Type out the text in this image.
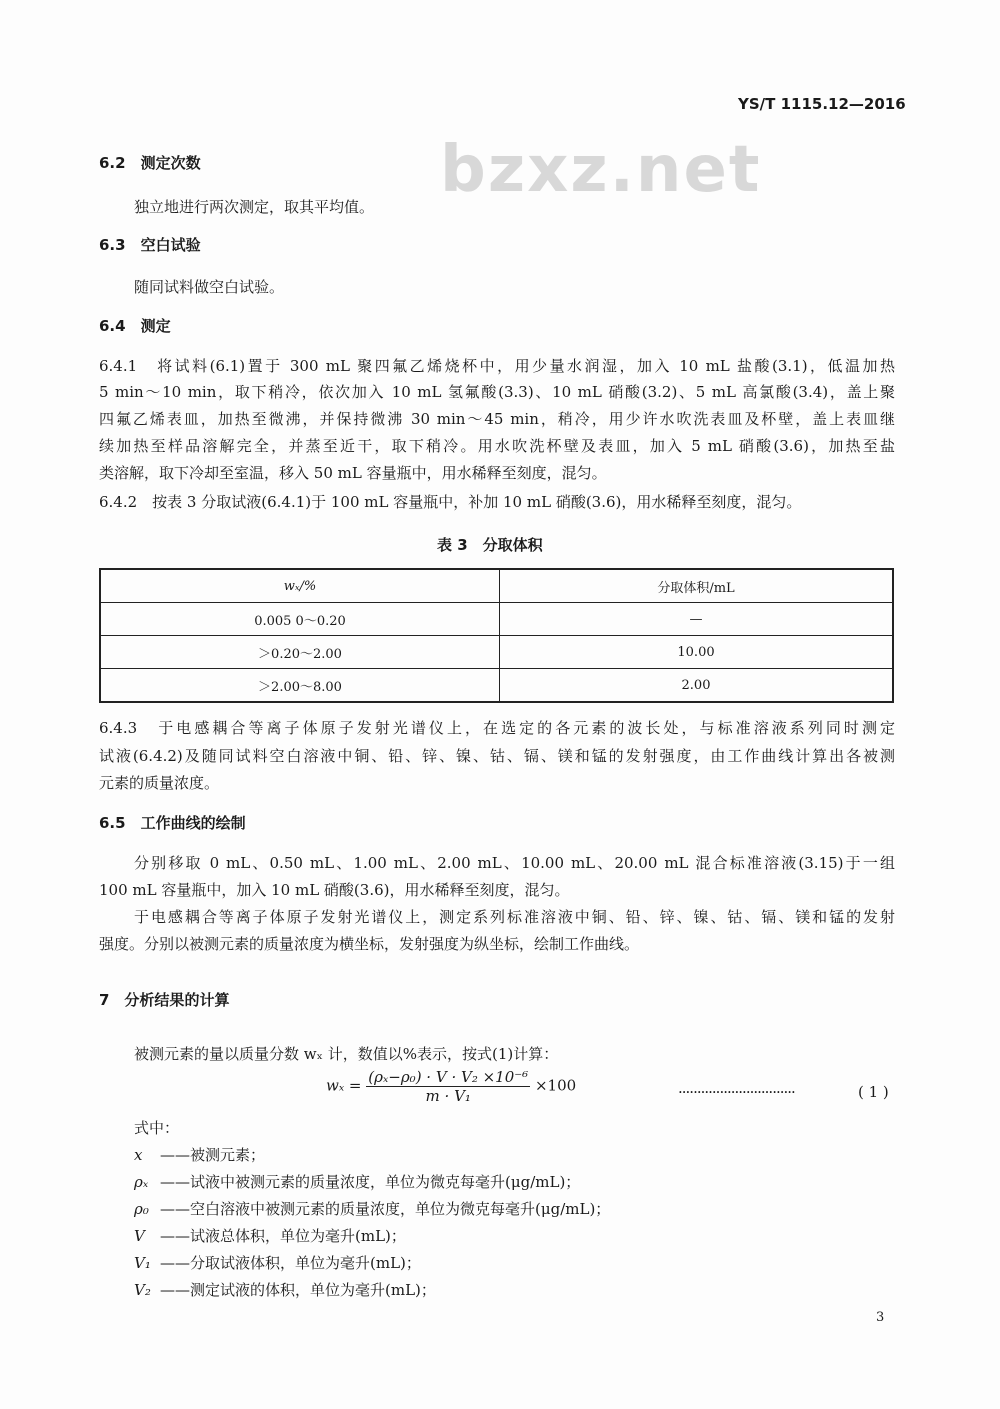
YS/T 1115.12—2016
bzxz.net
6.2　测定次数
独立地进行两次测定，取其平均值。
6.3　空白试验
随同试料做空白试验。
6.4　测定
6.4.1　将试料(6.1)置于 300 mL 聚四氟乙烯烧杯中，用少量水润湿，加入 10 mL 盐酸(3.1)，低温加热
5 min～10 min，取下稍冷，依次加入 10 mL 氢氟酸(3.3)、10 mL 硝酸(3.2)、5 mL 高氯酸(3.4)，盖上聚
四氟乙烯表皿，加热至微沸，并保持微沸 30 min～45 min，稍冷，用少许水吹洗表皿及杯壁，盖上表皿继
续加热至样品溶解完全，并蒸至近干，取下稍冷。用水吹洗杯壁及表皿，加入 5 mL 硝酸(3.6)，加热至盐
类溶解，取下冷却至室温，移入 50 mL 容量瓶中，用水稀释至刻度，混匀。
6.4.2　按表 3 分取试液(6.4.1)于 100 mL 容量瓶中，补加 10 mL 硝酸(3.6)，用水稀释至刻度，混匀。
表 3　分取体积
wₓ/%	分取体积/mL
0.005 0～0.20	—
＞0.20～2.00	10.00
＞2.00～8.00	2.00
6.4.3　于电感耦合等离子体原子发射光谱仪上，在选定的各元素的波长处，与标准溶液系列同时测定
试液(6.4.2)及随同试料空白溶液中铜、铅、锌、镍、钴、镉、镁和锰的发射强度，由工作曲线计算出各被测
元素的质量浓度。
6.5　工作曲线的绘制
分别移取 0 mL、0.50 mL、1.00 mL、2.00 mL、10.00 mL、20.00 mL 混合标准溶液(3.15)于一组
100 mL 容量瓶中，加入 10 mL 硝酸(3.6)，用水稀释至刻度，混匀。
于电感耦合等离子体原子发射光谱仪上，测定系列标准溶液中铜、铅、锌、镍、钴、镉、镁和锰的发射
强度。分别以被测元素的质量浓度为横坐标，发射强度为纵坐标，绘制工作曲线。
7　分析结果的计算
被测元素的量以质量分数 wₓ 计，数值以%表示，按式(1)计算：
$w_x = \frac{\text{(ρₓ−ρ₀) · V · V₂ ×10⁻⁶}}{\text{m · V₁}} \times 100$	·······························	( 1 )
式中：
x ——被测元素；
ρₓ ——试液中被测元素的质量浓度，单位为微克每毫升(μg/mL)；
ρ₀ ——空白溶液中被测元素的质量浓度，单位为微克每毫升(μg/mL)；
V ——试液总体积，单位为毫升(mL)；
V₁ ——分取试液体积，单位为毫升(mL)；
V₂ ——测定试液的体积，单位为毫升(mL)；
3
